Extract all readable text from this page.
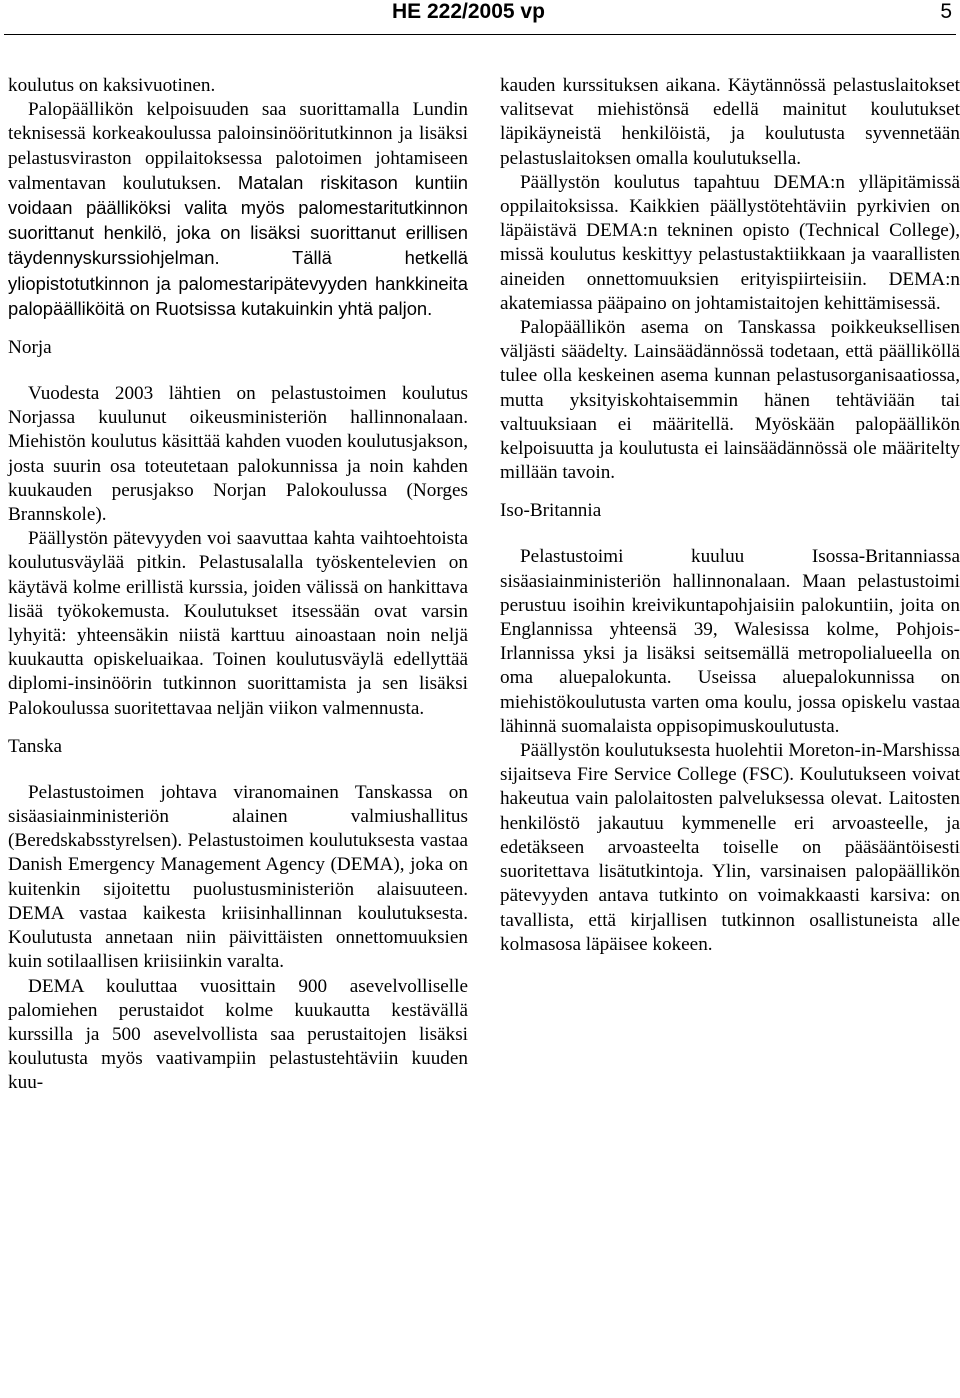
HE 222/2005 vp	5

koulutus on kaksivuotinen.

Palopäällikön kelpoisuuden saa suorittamalla Lundin teknisessä korkeakoulussa paloinsinööritutkinnon ja lisäksi pelastusviraston oppilaitoksessa palotoimen johtamiseen valmentavan koulutuksen. Matalan riskitason kuntiin voidaan päälliköksi valita myös palomestaritutkinnon suorittanut henkilö, joka on lisäksi suorittanut erillisen täydennyskurssiohjelman. Tällä hetkellä yliopistotutkinnon ja palomestaripätevyyden hankkineita palopäälliköitä on Ruotsissa kutakuinkin yhtä paljon.

Norja

Vuodesta 2003 lähtien on pelastustoimen koulutus Norjassa kuulunut oikeusministeriön hallinnonalaan. Miehistön koulutus käsittää kahden vuoden koulutusjakson, josta suurin osa toteutetaan palokunnissa ja noin kahden kuukauden perusjakso Norjan Palokoulussa (Norges Brannskole).

Päällystön pätevyyden voi saavuttaa kahta vaihtoehtoista koulutusväylää pitkin. Pelastusalalla työskentelevien on käytävä kolme erillistä kurssia, joiden välissä on hankittava lisää työkokemusta. Koulutukset itsessään ovat varsin lyhyitä: yhteensäkin niistä karttuu ainoastaan noin neljä kuukautta opiskeluaikaa. Toinen koulutusväylä edellyttää diplomi-insinöörin tutkinnon suorittamista ja sen lisäksi Palokoulussa suoritettavaa neljän viikon valmennusta.

Tanska

Pelastustoimen johtava viranomainen Tanskassa on sisäasiainministeriön alainen valmiushallitus (Beredskabsstyrelsen). Pelastustoimen koulutuksesta vastaa Danish Emergency Management Agency (DEMA), joka on kuitenkin sijoitettu puolustusministeriön alaisuuteen. DEMA vastaa kaikesta kriisinhallinnan koulutuksesta. Koulutusta annetaan niin päivittäisten onnettomuuksien kuin sotilaallisen kriisiinkin varalta.

DEMA kouluttaa vuosittain 900 asevelvolliselle palomiehen perustaidot kolme kuukautta kestävällä kurssilla ja 500 asevelvollista saa perustaitojen lisäksi koulutusta myös vaativampiin pelastustehtäviin kuuden kuu-

kauden kurssituksen aikana. Käytännössä pelastuslaitokset valitsevat miehistönsä edellä mainitut koulutukset läpikäyneistä henkilöistä, ja koulutusta syvennetään pelastuslaitoksen omalla koulutuksella.

Päällystön koulutus tapahtuu DEMA:n ylläpitämissä oppilaitoksissa. Kaikkien päällystötehtäviin pyrkivien on läpäistävä DEMA:n tekninen opisto (Technical College), missä koulutus keskittyy pelastustaktiikkaan ja vaarallisten aineiden onnettomuuksien erityispiirteisiin. DEMA:n akatemiassa pääpaino on johtamistaitojen kehittämisessä.

Palopäällikön asema on Tanskassa poikkeuksellisen väljästi säädelty. Lainsäädännössä todetaan, että päälliköllä tulee olla keskeinen asema kunnan pelastusorganisaatiossa, mutta yksityiskohtaisemmin hänen tehtäviään tai valtuuksiaan ei määritellä. Myöskään palopäällikön kelpoisuutta ja koulutusta ei lainsäädännössä ole määritelty millään tavoin.

Iso-Britannia

Pelastustoimi kuuluu Isossa-Britanniassa sisäasiainministeriön hallinnonalaan. Maan pelastustoimi perustuu isoihin kreivikuntapohjaisiin palokuntiin, joita on Englannissa yhteensä 39, Walesissa kolme, Pohjois-Irlannissa yksi ja lisäksi seitsemällä metropolialueella on oma aluepalokunta. Useissa aluepalokunnissa on miehistökoulutusta varten oma koulu, jossa opiskelu vastaa lähinnä suomalaista oppisopimuskoulutusta.

Päällystön koulutuksesta huolehtii Moreton-in-Marshissa sijaitseva Fire Service College (FSC). Koulutukseen voivat hakeutua vain palolaitosten palveluksessa olevat. Laitosten henkilöstö jakautuu kymmenelle eri arvoasteelle, ja edetäkseen arvoasteelta toiselle on pääsääntöisesti suoritettava lisätutkintoja. Ylin, varsinaisen palopäällikön pätevyyden antava tutkinto on voimakkaasti karsiva: on tavallista, että kirjallisen tutkinnon osallistuneista alle kolmasosa läpäisee kokeen.
